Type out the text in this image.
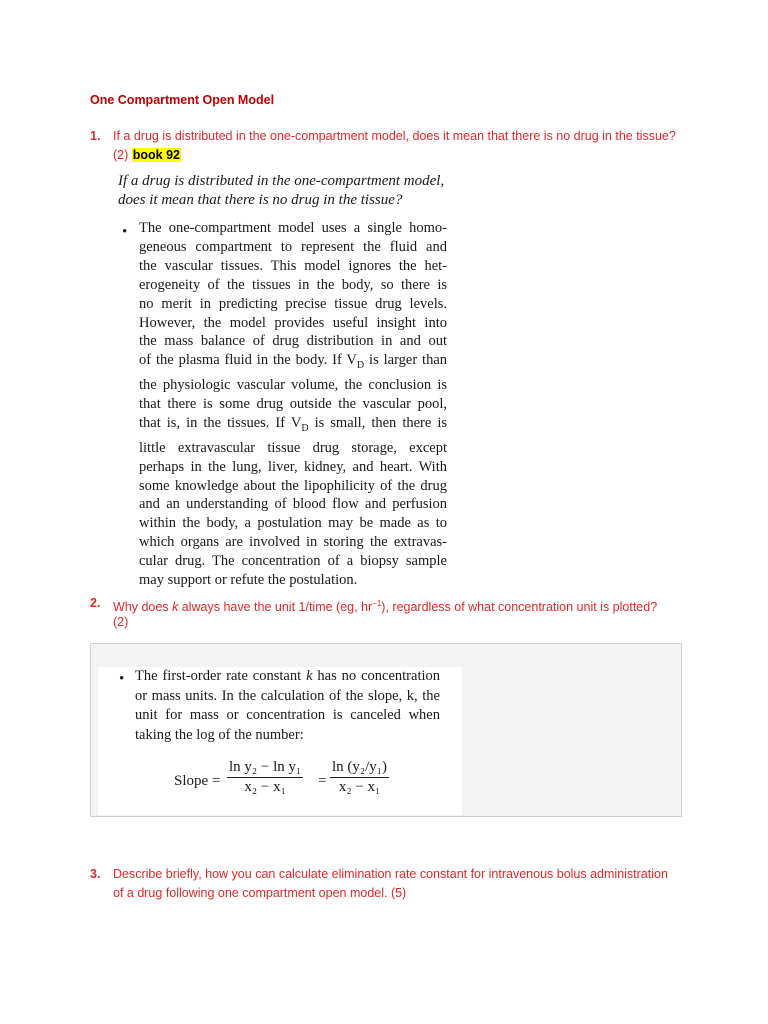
One Compartment Open Model
1. If a drug is distributed in the one-compartment model, does it mean that there is no drug in the tissue?
(2) book 92
If a drug is distributed in the one-compartment model,
does it mean that there is no drug in the tissue?
• The one-compartment model uses a single homo-
geneous compartment to represent the fluid and
the vascular tissues. This model ignores the het-
erogeneity of the tissues in the body, so there is
no merit in predicting precise tissue drug levels.
However, the model provides useful insight into
the mass balance of drug distribution in and out
of the plasma fluid in the body. If $V_D$ is larger than
the physiologic vascular volume, the conclusion is
that there is some drug outside the vascular pool,
that is, in the tissues. If $V_D$ is small, then there is
little extravascular tissue drug storage, except
perhaps in the lung, liver, kidney, and heart. With
some knowledge about the lipophilicity of the drug
and an understanding of blood flow and perfusion
within the body, a postulation may be made as to
which organs are involved in storing the extravas-
cular drug. The concentration of a biopsy sample
may support or refute the postulation.
2. Why does k always have the unit 1/time (eg, $hr^{-1}$), regardless of what concentration unit is plotted?
(2)
• The first-order rate constant k has no concentration
or mass units. In the calculation of the slope, k, the
unit for mass or concentration is canceled when
taking the log of the number:
Slope = $\frac{\text{ln y₂ − ln y₁}}{\text{x₂ − x₁}} = \frac{\text{ln (y₂/y₁)}}{\text{x₂ − x₁}}$
3. Describe briefly, how you can calculate elimination rate constant for intravenous bolus administration
of a drug following one compartment open model. (5)
